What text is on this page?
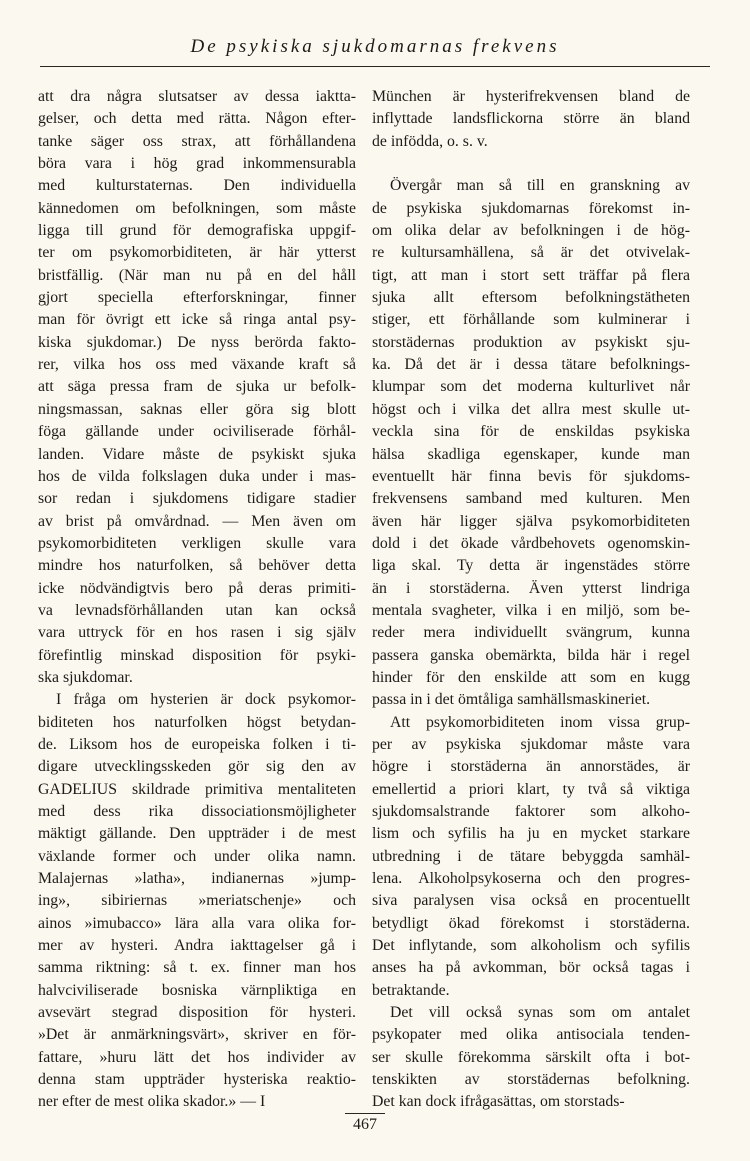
De psykiska sjukdomarnas frekvens
att dra några slutsatser av dessa iaktta-
gelser, och detta med rätta. Någon efter-
tanke säger oss strax, att förhållandena
böra vara i hög grad inkommensurabla
med kulturstaternas. Den individuella
kännedomen om befolkningen, som måste
ligga till grund för demografiska uppgif-
ter om psykomorbiditeten, är här ytterst
bristfällig. (När man nu på en del håll
gjort speciella efterforskningar, finner
man för övrigt ett icke så ringa antal psy-
kiska sjukdomar.) De nyss berörda fakto-
rer, vilka hos oss med växande kraft så
att säga pressa fram de sjuka ur befolk-
ningsmassan, saknas eller göra sig blott
föga gällande under ociviliserade förhål-
landen. Vidare måste de psykiskt sjuka
hos de vilda folkslagen duka under i mas-
sor redan i sjukdomens tidigare stadier
av brist på omvårdnad. — Men även om
psykomorbiditeten verkligen skulle vara
mindre hos naturfolken, så behöver detta
icke nödvändigtvis bero på deras primiti-
va levnadsförhållanden utan kan också
vara uttryck för en hos rasen i sig själv
förefintlig minskad disposition för psyki-
ska sjukdomar.
I fråga om hysterien är dock psykomor-
biditeten hos naturfolken högst betydan-
de. Liksom hos de europeiska folken i ti-
digare utvecklingsskeden gör sig den av
GADELIUS skildrade primitiva mentaliteten
med dess rika dissociationsmöjligheter
mäktigt gällande. Den uppträder i de mest
växlande former och under olika namn.
Malajernas »latha», indianernas »jump-
ing», sibiriernas »meriatschenje» och
ainos »imubacco» lära alla vara olika for-
mer av hysteri. Andra iakttagelser gå i
samma riktning: så t. ex. finner man hos
halvciviliserade bosniska värnpliktiga en
avsevärt stegrad disposition för hysteri.
»Det är anmärkningsvärt», skriver en för-
fattare, »huru lätt det hos individer av
denna stam uppträder hysteriska reaktio-
ner efter de mest olika skador.» — I
München är hysterifrekvensen bland de
inflyttade landsflickorna större än bland
de infödda, o. s. v.
Övergår man så till en granskning av
de psykiska sjukdomarnas förekomst in-
om olika delar av befolkningen i de hög-
re kultursamhällena, så är det otvivelak-
tigt, att man i stort sett träffar på flera
sjuka allt eftersom befolkningstätheten
stiger, ett förhållande som kulminerar i
storstädernas produktion av psykiskt sju-
ka. Då det är i dessa tätare befolknings-
klumpar som det moderna kulturlivet når
högst och i vilka det allra mest skulle ut-
veckla sina för de enskildas psykiska
hälsa skadliga egenskaper, kunde man
eventuellt här finna bevis för sjukdoms-
frekvensens samband med kulturen. Men
även här ligger själva psykomorbiditeten
dold i det ökade vårdbehovets ogenomskin-
liga skal. Ty detta är ingenstädes större
än i storstäderna. Även ytterst lindriga
mentala svagheter, vilka i en miljö, som be-
reder mera individuellt svängrum, kunna
passera ganska obemärkta, bilda här i regel
hinder för den enskilde att som en kugg
passa in i det ömtåliga samhällsmaskineriet.
Att psykomorbiditeten inom vissa grup-
per av psykiska sjukdomar måste vara
högre i storstäderna än annorstädes, är
emellertid a priori klart, ty två så viktiga
sjukdomsalstrande faktorer som alkoho-
lism och syfilis ha ju en mycket starkare
utbredning i de tätare bebyggda samhäl-
lena. Alkoholpsykoserna och den progres-
siva paralysen visa också en procentuellt
betydligt ökad förekomst i storstäderna.
Det inflytande, som alkoholism och syfilis
anses ha på avkomman, bör också tagas i
betraktande.
Det vill också synas som om antalet
psykopater med olika antisociala tenden-
ser skulle förekomma särskilt ofta i bot-
tenskikten av storstädernas befolkning.
Det kan dock ifrågasättas, om storstads-
467
